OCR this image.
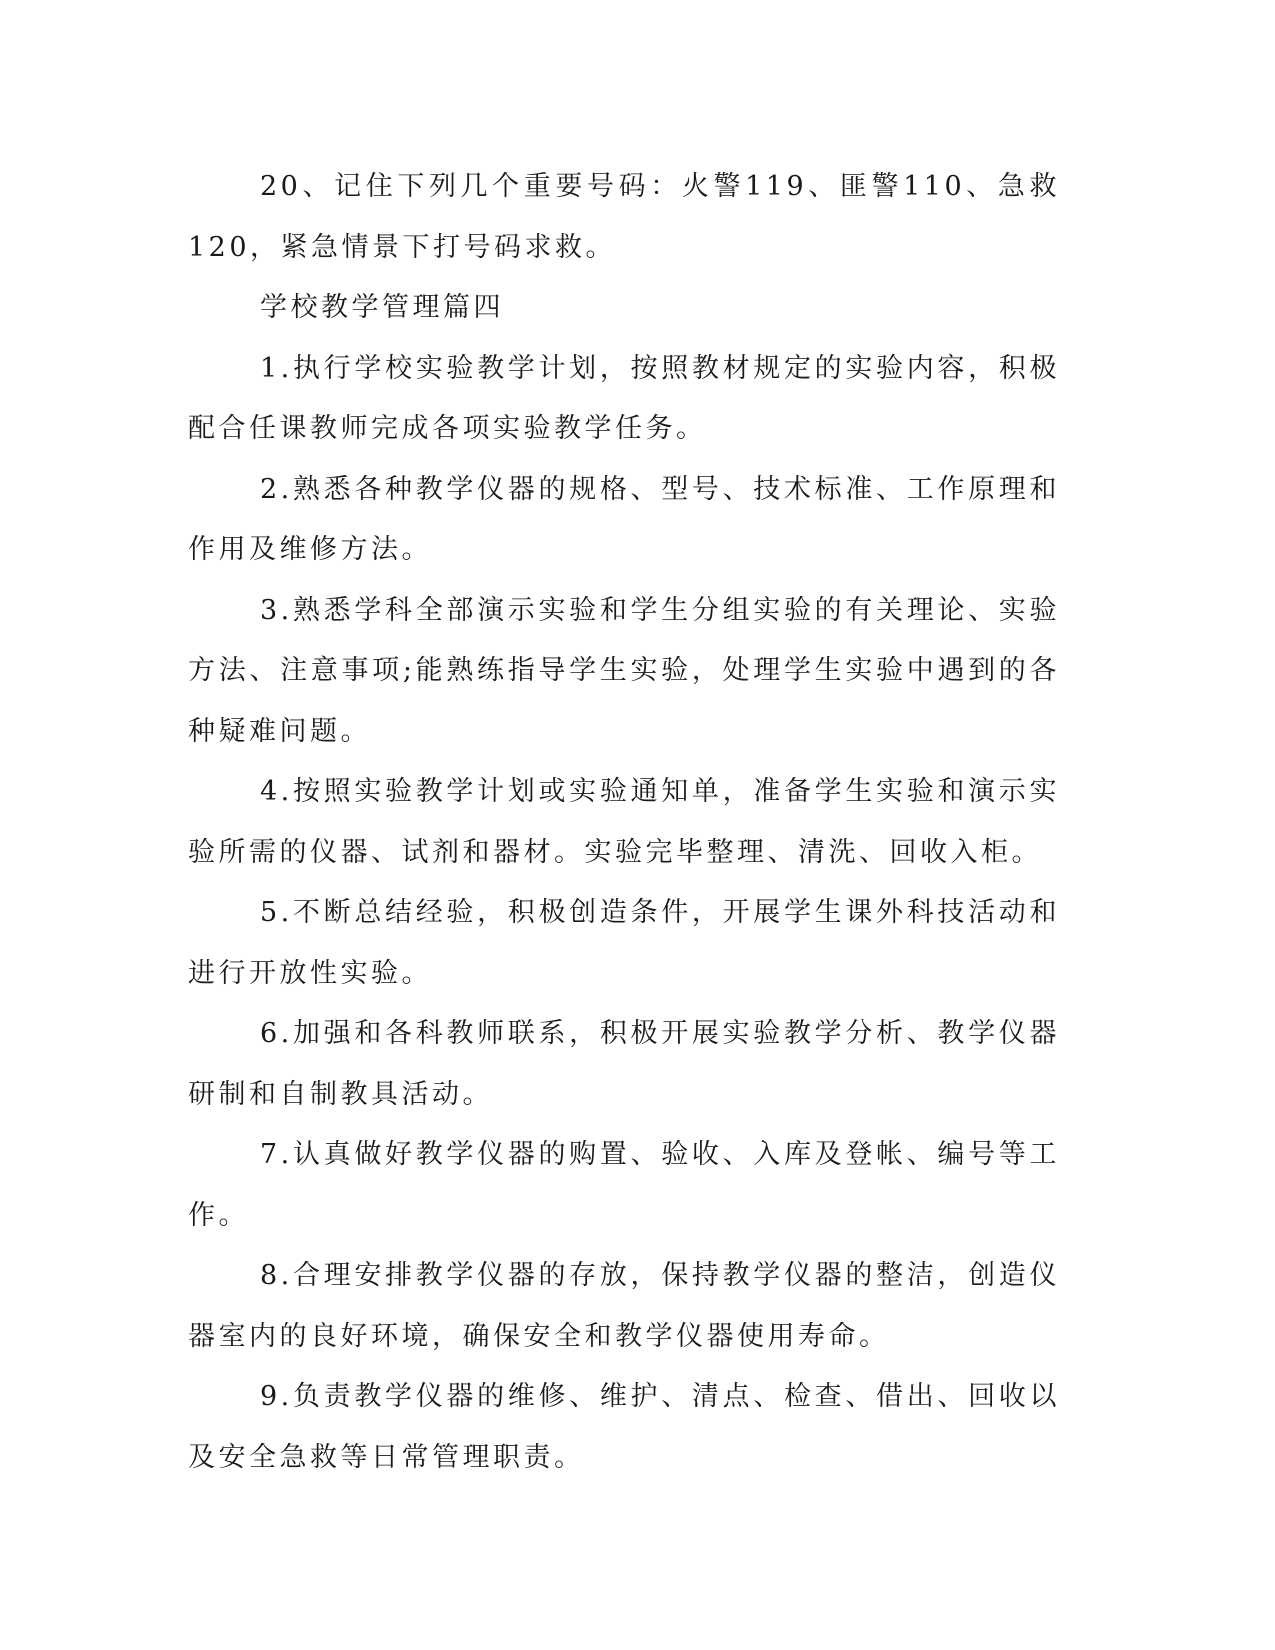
20、记住下列几个重要号码：火警119、匪警110、急救120，紧急情景下打号码求救。

学校教学管理篇四

1.执行学校实验教学计划，按照教材规定的实验内容，积极配合任课教师完成各项实验教学任务。

2.熟悉各种教学仪器的规格、型号、技术标准、工作原理和作用及维修方法。

3.熟悉学科全部演示实验和学生分组实验的有关理论、实验方法、注意事项;能熟练指导学生实验，处理学生实验中遇到的各种疑难问题。

4.按照实验教学计划或实验通知单，准备学生实验和演示实验所需的仪器、试剂和器材。实验完毕整理、清洗、回收入柜。

5.不断总结经验，积极创造条件，开展学生课外科技活动和进行开放性实验。

6.加强和各科教师联系，积极开展实验教学分析、教学仪器研制和自制教具活动。

7.认真做好教学仪器的购置、验收、入库及登帐、编号等工作。

8.合理安排教学仪器的存放，保持教学仪器的整洁，创造仪器室内的良好环境，确保安全和教学仪器使用寿命。

9.负责教学仪器的维修、维护、清点、检查、借出、回收以及安全急救等日常管理职责。
